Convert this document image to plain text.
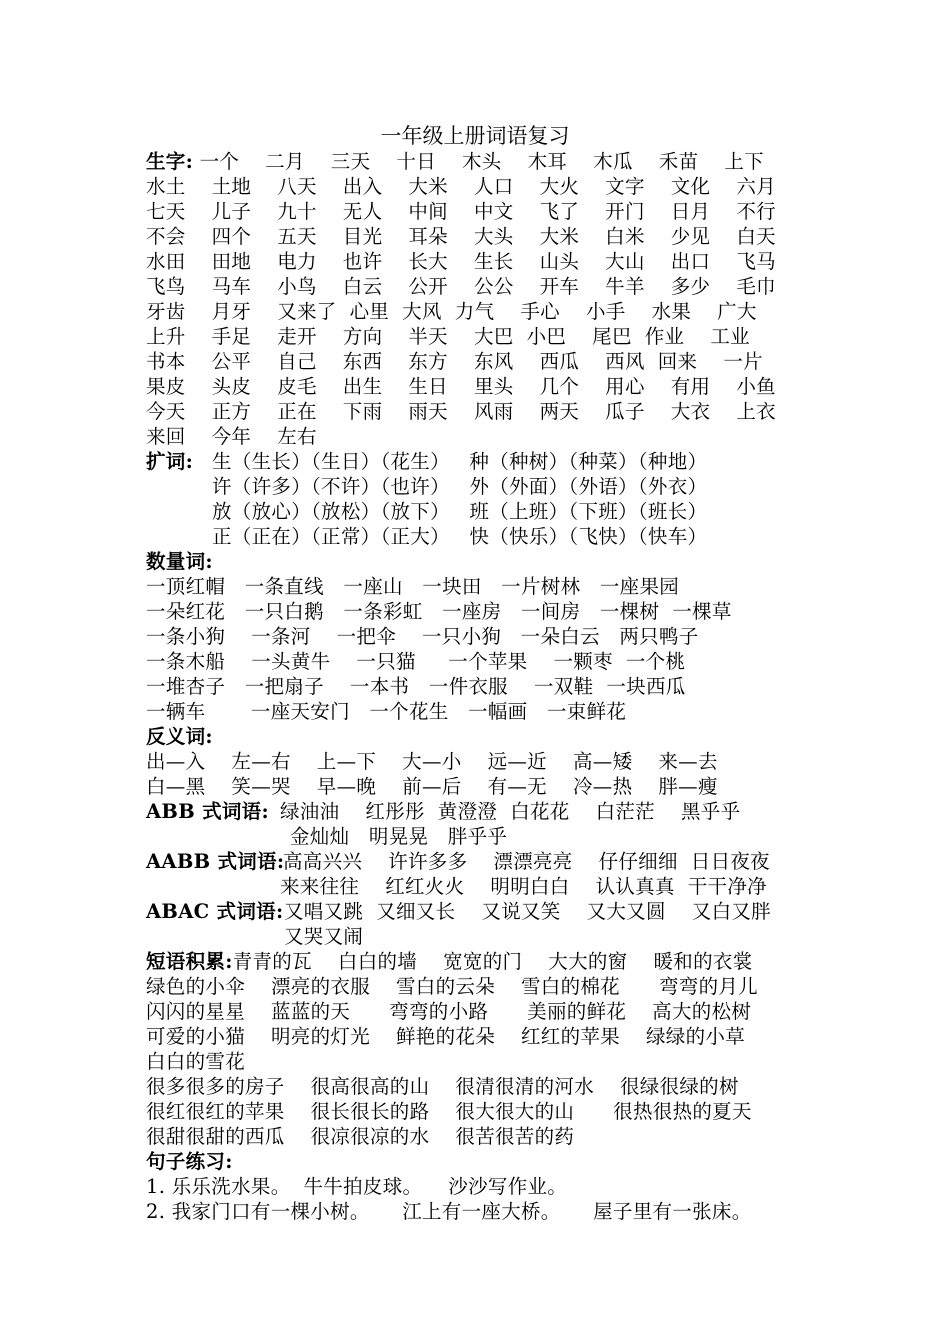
一年级上册词语复习
生字: 一个    二月    三天    十日    木头    木耳    木瓜    禾苗    上下
水土    土地    八天    出入    大米    人口    大火    文字    文化    六月
七天    儿子    九十    无人    中间    中文    飞了    开门    日月    不行
不会    四个    五天    目光    耳朵    大头    大米    白米    少见    白天
水田    田地    电力    也许    长大    生长    山头    大山    出口    飞马
飞鸟    马车    小鸟    白云    公开    公公    开车    牛羊    多少    毛巾
牙齿    月牙    又来了  心里  大风  力气    手心    小手    水果    广大
上升    手足    走开    方向    半天    大巴  小巴    尾巴  作业    工业
书本    公平    自己    东西    东方    东风    西瓜    西风  回来    一片
果皮    头皮    皮毛    出生    生日    里头    几个    用心    有用    小鱼
今天    正方    正在    下雨    雨天    风雨    两天    瓜子    大衣    上衣
来回    今年    左右
扩词: 生（生长）（生日）（花生）   种（种树）（种菜）（种地）
许（许多）（不许）（也许）   外（外面）（外语）（外衣）
放（放心）（放松）（放下）   班（上班）（下班）（班长）
正（正在）（正常）（正大）   快（快乐）（飞快）（快车）
数量词:
一顶红帽   一条直线   一座山   一块田   一片树林   一座果园
一朵红花   一只白鹅   一条彩虹   一座房   一间房   一棵树  一棵草
一条小狗    一条河    一把伞    一只小狗   一朵白云   两只鸭子
一条木船    一头黄牛    一只猫     一个苹果    一颗枣  一个桃
一堆杏子   一把扇子    一本书   一件衣服    一双鞋  一块西瓜
一辆车       一座天安门   一个花生   一幅画   一束鲜花
反义词:
出—入    左—右    上—下    大—小    远—近    高—矮    来—去
白—黑    笑—哭    早—晚    前—后    有—无    冷—热    胖—瘦
ABB 式词语: 绿油油    红彤彤  黄澄澄  白花花    白茫茫    黑乎乎
金灿灿   明晃晃   胖乎乎
AABB 式词语:
高高兴兴    许许多多    漂漂亮亮    仔仔细细  日日夜夜
来来往往    红红火火    明明白白    认认真真  干干净净
ABAC 式词语: 又唱又跳  又细又长    又说又笑    又大又圆    又白又胖
又哭又闹
短语积累:青青的瓦    白白的墙    宽宽的门    大大的窗    暖和的衣裳
绿色的小伞    漂亮的衣服    雪白的云朵    雪白的棉花      弯弯的月儿
闪闪的星星    蓝蓝的天      弯弯的小路      美丽的鲜花    高大的松树
可爱的小猫    明亮的灯光    鲜艳的花朵    红红的苹果    绿绿的小草
白白的雪花
很多很多的房子    很高很高的山    很清很清的河水    很绿很绿的树
很红很红的苹果    很长很长的路    很大很大的山      很热很热的夏天
很甜很甜的西瓜    很凉很凉的水    很苦很苦的药
句子练习:
1. 乐乐洗水果。  牛牛拍皮球。    沙沙写作业。
2. 我家门口有一棵小树。     江上有一座大桥。     屋子里有一张床。
